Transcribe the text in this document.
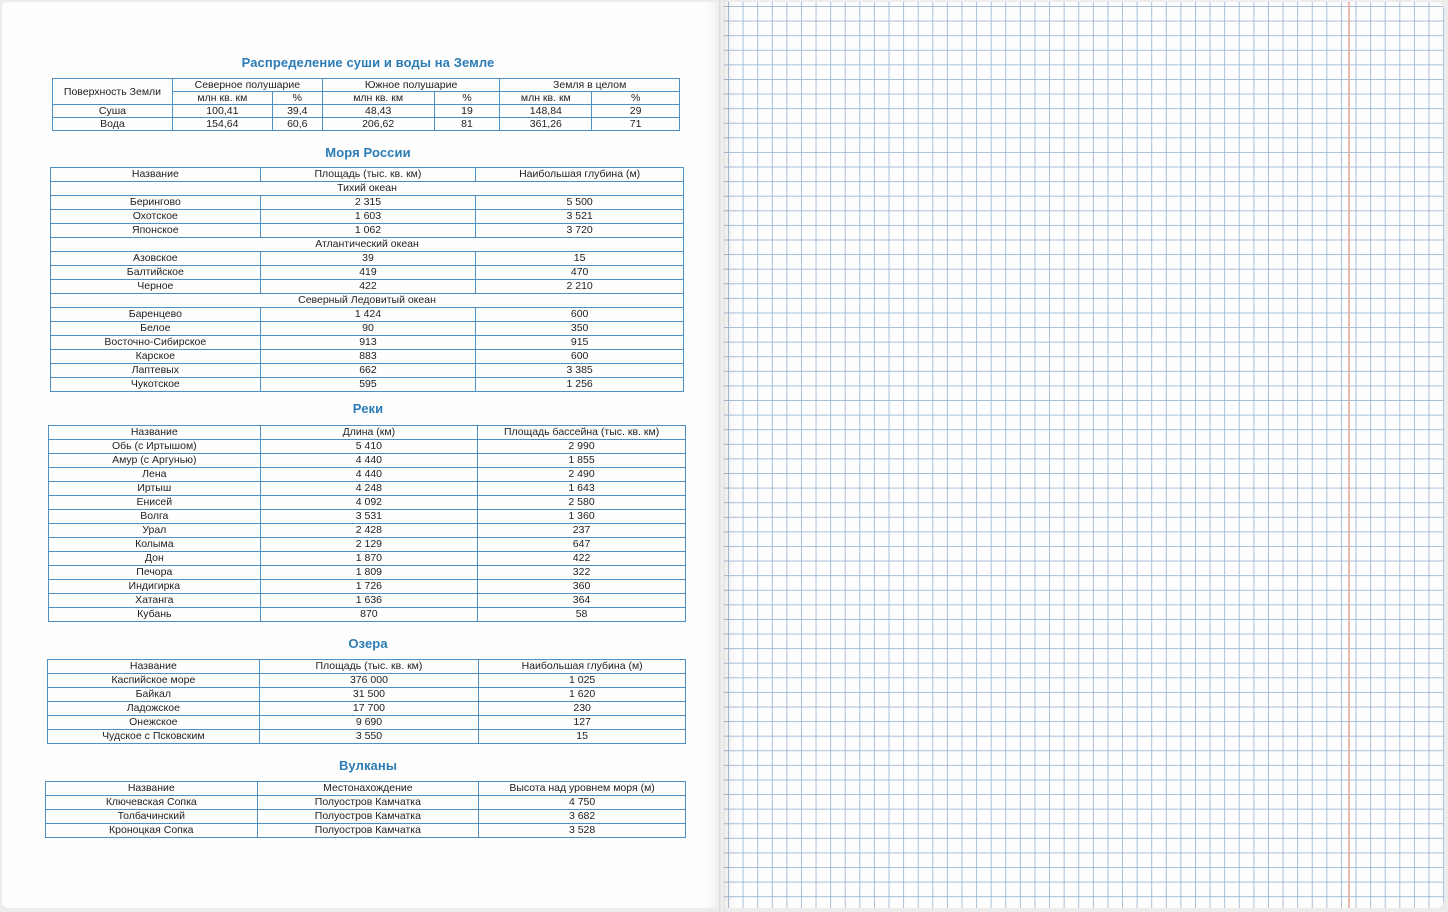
Распределение суши и воды на Земле
Поверхность Земли	Северное полушарие		Южное полушарие		Земля в целом	
	млн кв. км	%	млн кв. км	%	млн кв. км	%
Суша	100,41	39,4	48,43	19	148,84	29
Вода	154,64	60,6	206,62	81	361,26	71
Моря России
Название	Площадь (тыс. кв. км)	Наибольшая глубина (м)
Тихий океан		
Берингово	2 315	5 500
Охотское	1 603	3 521
Японское	1 062	3 720
Атлантический океан		
Азовское	39	15
Балтийское	419	470
Черное	422	2 210
Северный Ледовитый океан		
Баренцево	1 424	600
Белое	90	350
Восточно-Сибирское	913	915
Карское	883	600
Лаптевых	662	3 385
Чукотское	595	1 256
Реки
Название	Длина (км)	Площадь бассейна (тыс. кв. км)
Обь (с Иртышом)	5 410	2 990
Амур (с Аргунью)	4 440	1 855
Лена	4 440	2 490
Иртыш	4 248	1 643
Енисей	4 092	2 580
Волга	3 531	1 360
Урал	2 428	237
Колыма	2 129	647
Дон	1 870	422
Печора	1 809	322
Индигирка	1 726	360
Хатанга	1 636	364
Кубань	870	58
Озера
Название	Площадь (тыс. кв. км)	Наибольшая глубина (м)
Каспийское море	376 000	1 025
Байкал	31 500	1 620
Ладожское	17 700	230
Онежское	9 690	127
Чудское с Псковским	3 550	15
Вулканы
Название	Местонахождение	Высота над уровнем моря (м)
Ключевская Сопка	Полуостров Камчатка	4 750
Толбачинский	Полуостров Камчатка	3 682
Кроноцкая Сопка	Полуостров Камчатка	3 528
